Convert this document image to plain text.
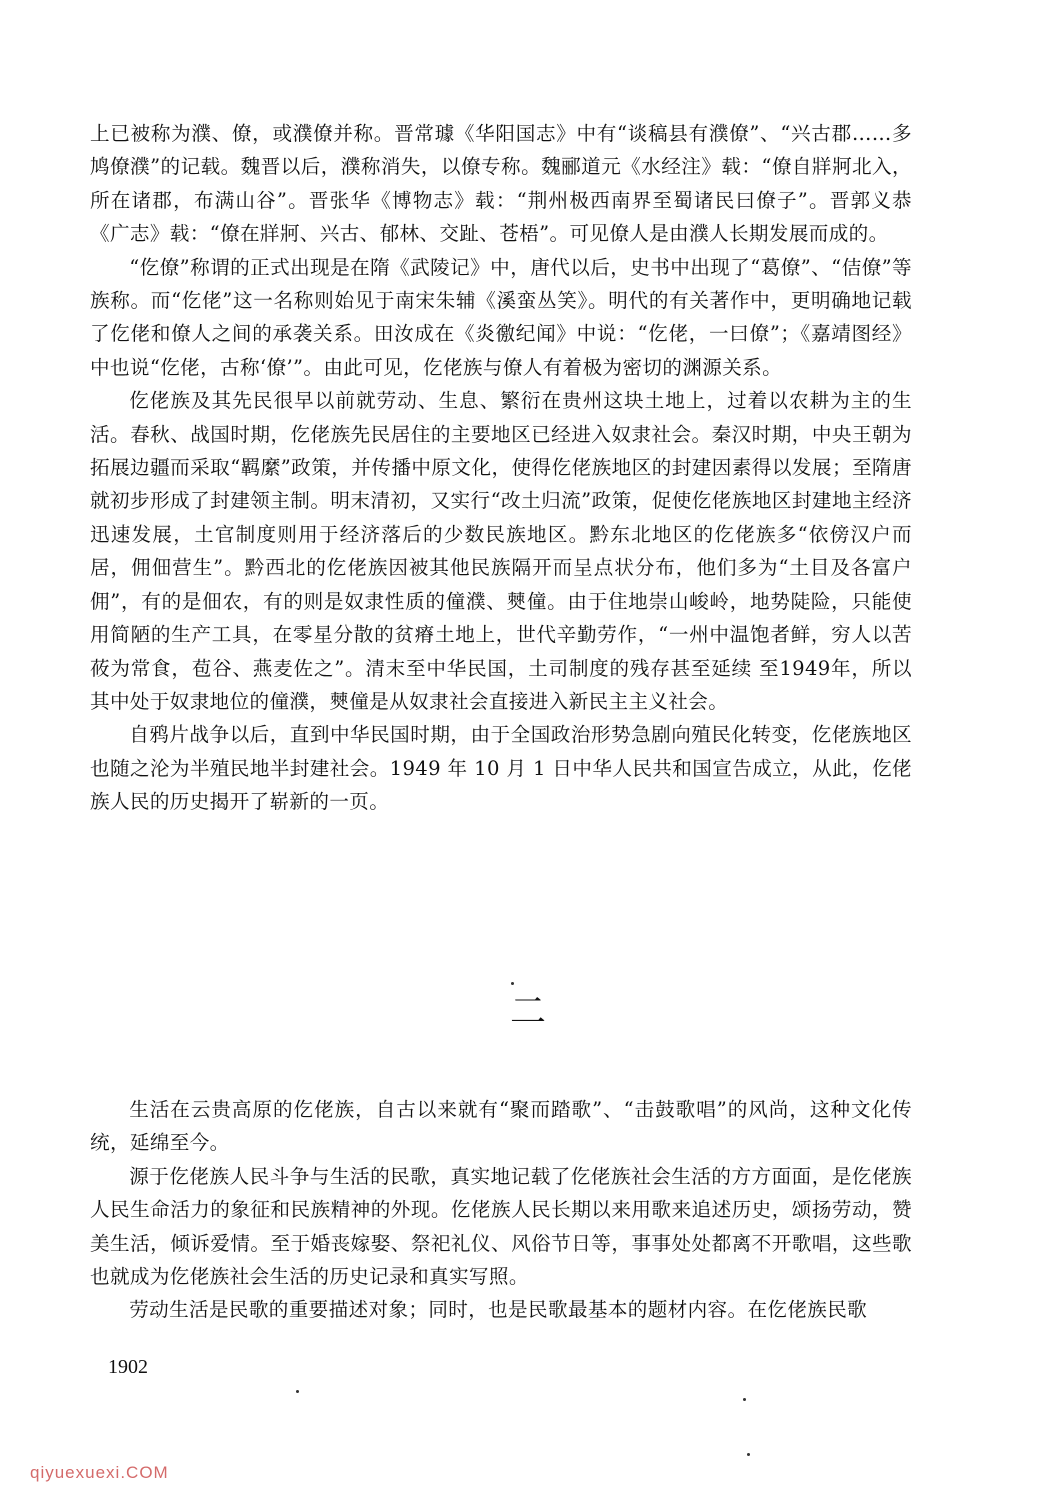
上已被称为濮、僚，或濮僚并称。晋常璩《华阳国志》中有“谈稿县有濮僚”、“兴古郡……多鸠僚濮”的记载。魏晋以后，濮称消失，以僚专称。魏郦道元《水经注》载：“僚自牂牁北入，所在诸郡，布满山谷”。晋张华《博物志》载：“荆州极西南界至蜀诸民曰僚子”。晋郭义恭《广志》载：“僚在牂牁、兴古、郁林、交趾、苍梧”。可见僚人是由濮人长期发展而成的。

“仡僚”称谓的正式出现是在隋《武陵记》中，唐代以后，史书中出现了“葛僚”、“佶僚”等族称。而“仡佬”这一名称则始见于南宋朱辅《溪蛮丛笑》。明代的有关著作中，更明确地记载了仡佬和僚人之间的承袭关系。田汝成在《炎徼纪闻》中说：“仡佬，一曰僚”；《嘉靖图经》中也说“仡佬，古称‘僚’”。由此可见，仡佬族与僚人有着极为密切的渊源关系。

仡佬族及其先民很早以前就劳动、生息、繁衍在贵州这块土地上，过着以农耕为主的生活。春秋、战国时期，仡佬族先民居住的主要地区已经进入奴隶社会。秦汉时期，中央王朝为拓展边疆而采取“羁縻”政策，并传播中原文化，使得仡佬族地区的封建因素得以发展；至隋唐就初步形成了封建领主制。明末清初，又实行“改土归流”政策，促使仡佬族地区封建地主经济迅速发展，土官制度则用于经济落后的少数民族地区。黔东北地区的仡佬族多“依傍汉户而居，佣佃营生”。黔西北的仡佬族因被其他民族隔开而呈点状分布，他们多为“土目及各富户佣”，有的是佃农，有的则是奴隶性质的僮濮、僰僮。由于住地崇山峻岭，地势陡险，只能使用简陋的生产工具，在零星分散的贫瘠土地上，世代辛勤劳作，“一州中温饱者鲜，穷人以苦莜为常食，苞谷、燕麦佐之”。清末至中华民国，土司制度的残存甚至延续 至1949年，所以其中处于奴隶地位的僮濮，僰僮是从奴隶社会直接进入新民主主义社会。

自鸦片战争以后，直到中华民国时期，由于全国政治形势急剧向殖民化转变，仡佬族地区也随之沦为半殖民地半封建社会。1949 年 10 月 1 日中华人民共和国宣告成立，从此，仡佬族人民的历史揭开了崭新的一页。

二

生活在云贵高原的仡佬族，自古以来就有“聚而踏歌”、“击鼓歌唱”的风尚，这种文化传统，延绵至今。

源于仡佬族人民斗争与生活的民歌，真实地记载了仡佬族社会生活的方方面面，是仡佬族人民生命活力的象征和民族精神的外现。仡佬族人民长期以来用歌来追述历史，颂扬劳动，赞美生活，倾诉爱情。至于婚丧嫁娶、祭祀礼仪、风俗节日等，事事处处都离不开歌唱，这些歌也就成为仡佬族社会生活的历史记录和真实写照。

劳动生活是民歌的重要描述对象；同时，也是民歌最基本的题材内容。在仡佬族民歌

1902
qiyuexuexi.COM
